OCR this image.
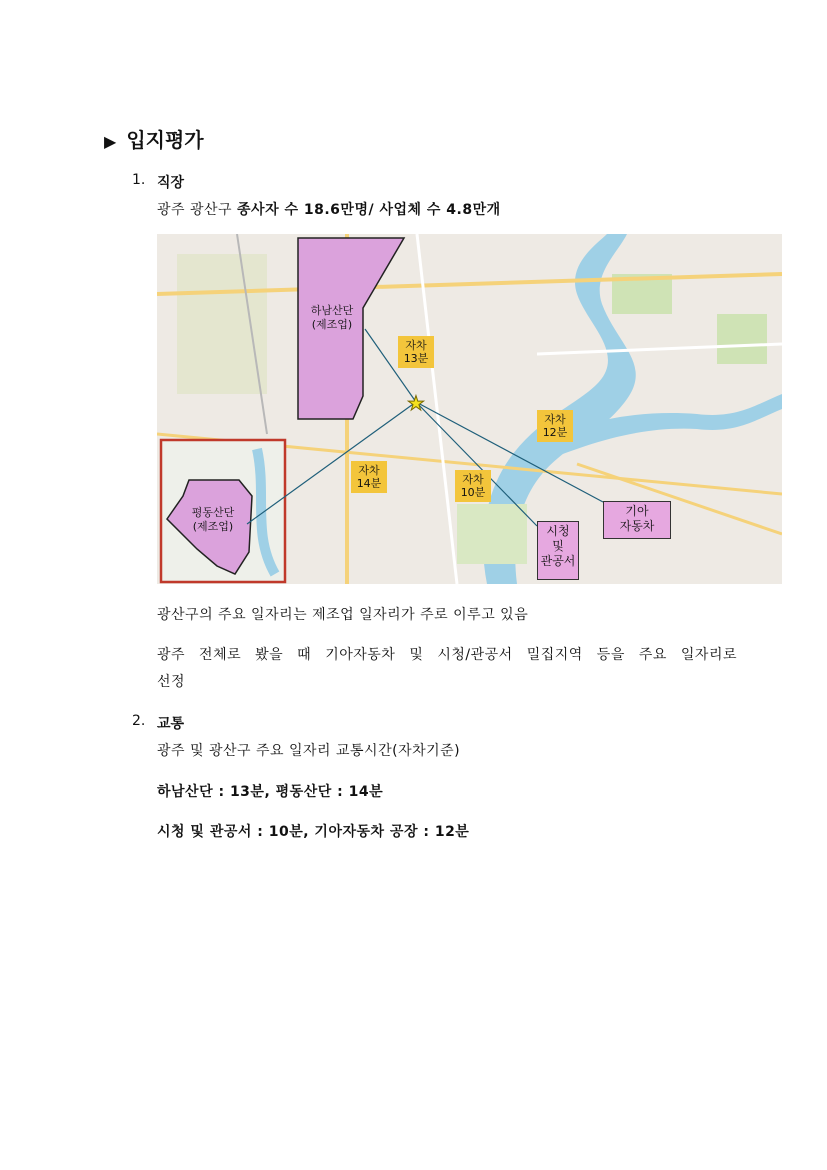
▶ 입지평가
1. 직장
광주 광산구 종사자 수 18.6만명/ 사업체 수 4.8만개
하남산단
(제조업)
평동산단
(제조업)
자차
13분
자차
12분
자차
14분	자차
10분
기아
자동차
시청
및
관공서
★
광산구의 주요 일자리는 제조업 일자리가 주로 이루고 있음
광주 전체로 봤을 때 기아자동차 및 시청/관공서 밀집지역 등을 주요 일자리로
선정
2. 교통
광주 및 광산구 주요 일자리 교통시간(자차기준)
하남산단 : 13분, 평동산단 : 14분
시청 및 관공서 : 10분, 기아자동차 공장 : 12분
